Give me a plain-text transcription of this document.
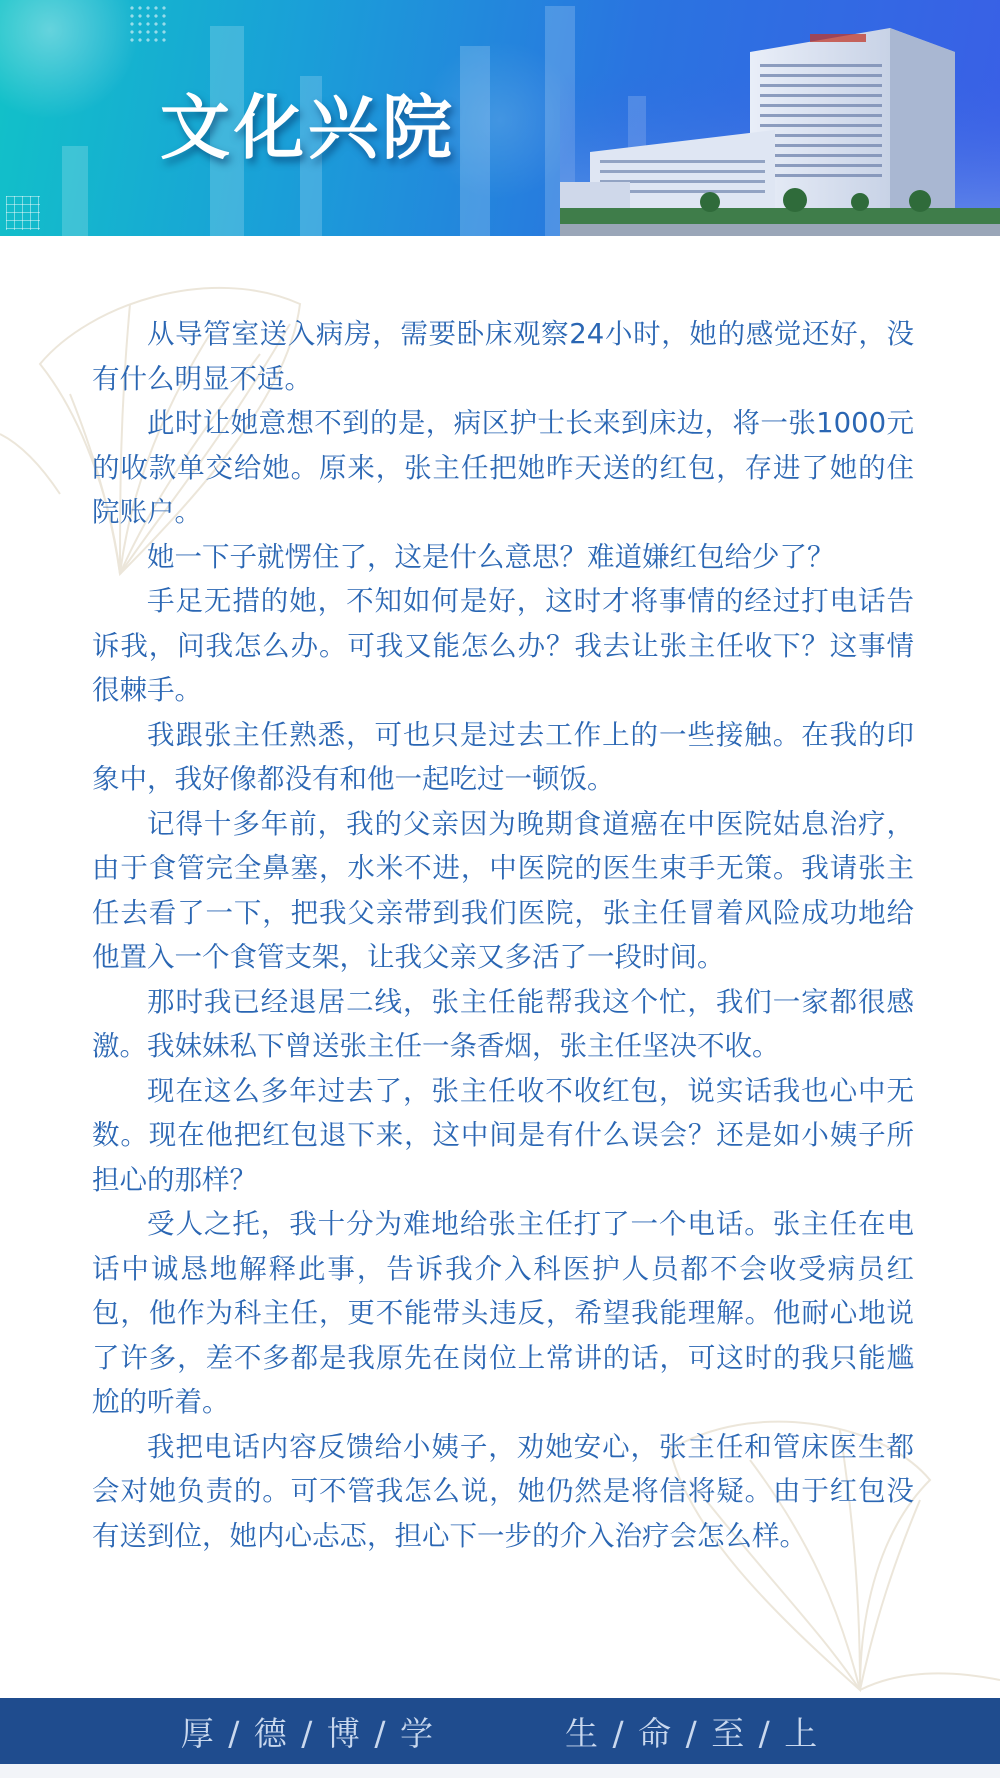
文化兴院

从导管室送入病房，需要卧床观察24小时，她的感觉还好，没有什么明显不适。

此时让她意想不到的是，病区护士长来到床边，将一张1000元的收款单交给她。原来，张主任把她昨天送的红包，存进了她的住院账户。

她一下子就愣住了，这是什么意思？难道嫌红包给少了？

手足无措的她，不知如何是好，这时才将事情的经过打电话告诉我，问我怎么办。可我又能怎么办？我去让张主任收下？这事情很棘手。

我跟张主任熟悉，可也只是过去工作上的一些接触。在我的印象中，我好像都没有和他一起吃过一顿饭。

记得十多年前，我的父亲因为晚期食道癌在中医院姑息治疗，由于食管完全鼻塞，水米不进，中医院的医生束手无策。我请张主任去看了一下，把我父亲带到我们医院，张主任冒着风险成功地给他置入一个食管支架，让我父亲又多活了一段时间。

那时我已经退居二线，张主任能帮我这个忙，我们一家都很感激。我妹妹私下曾送张主任一条香烟，张主任坚决不收。

现在这么多年过去了，张主任收不收红包，说实话我也心中无数。现在他把红包退下来，这中间是有什么误会？还是如小姨子所担心的那样？

受人之托，我十分为难地给张主任打了一个电话。张主任在电话中诚恳地解释此事，告诉我介入科医护人员都不会收受病员红包，他作为科主任，更不能带头违反，希望我能理解。他耐心地说了许多，差不多都是我原先在岗位上常讲的话，可这时的我只能尴尬的听着。

我把电话内容反馈给小姨子，劝她安心，张主任和管床医生都会对她负责的。可不管我怎么说，她仍然是将信将疑。由于红包没有送到位，她内心忐忑，担心下一步的介入治疗会怎么样。

厚 / 德 / 博 / 学	生 / 命 / 至 / 上
